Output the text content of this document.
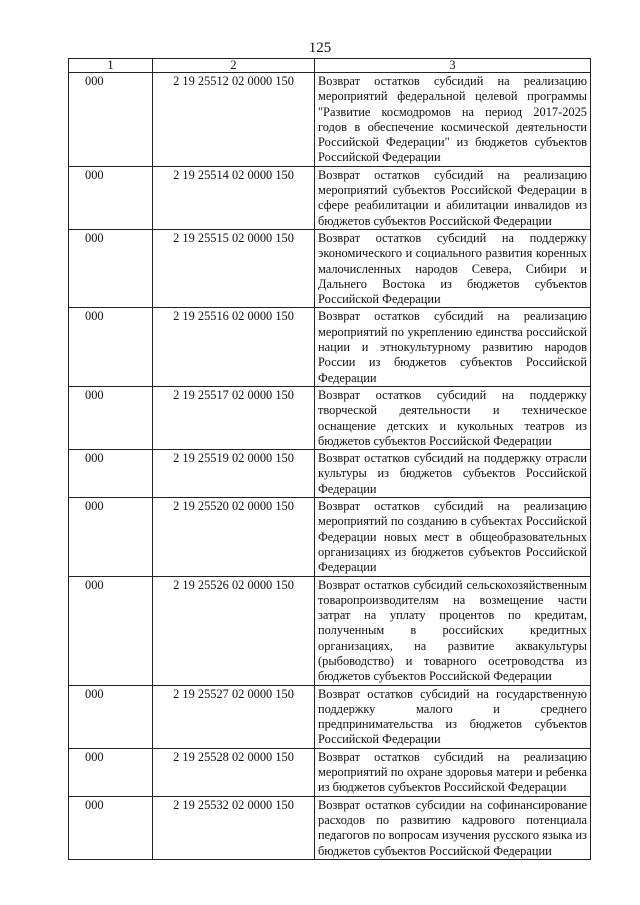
125
1	2	3
000	2 19 25512 02 0000 150	Возврат остатков субсидий на реализацию мероприятий федеральной целевой программы "Развитие космодромов на период 2017-2025 годов в обеспечение космической деятельности Российской Федерации" из бюджетов субъектов Российской Федерации
000	2 19 25514 02 0000 150	Возврат остатков субсидий на реализацию мероприятий субъектов Российской Федерации в сфере реабилитации и абилитации инвалидов из бюджетов субъектов Российской Федерации
000	2 19 25515 02 0000 150	Возврат остатков субсидий на поддержку экономического и социального развития коренных малочисленных народов Севера, Сибири и Дальнего Востока из бюджетов субъектов Российской Федерации
000	2 19 25516 02 0000 150	Возврат остатков субсидий на реализацию мероприятий по укреплению единства российской нации и этнокультурному развитию народов России из бюджетов субъектов Российской Федерации
000	2 19 25517 02 0000 150	Возврат остатков субсидий на поддержку творческой деятельности и техническое оснащение детских и кукольных театров из бюджетов субъектов Российской Федерации
000	2 19 25519 02 0000 150	Возврат остатков субсидий на поддержку отрасли культуры из бюджетов субъектов Российской Федерации
000	2 19 25520 02 0000 150	Возврат остатков субсидий на реализацию мероприятий по созданию в субъектах Российской Федерации новых мест в общеобразовательных организациях из бюджетов субъектов Российской Федерации
000	2 19 25526 02 0000 150	Возврат остатков субсидий сельскохозяйственным товаропроизводителям на возмещение части затрат на уплату процентов по кредитам, полученным в российских кредитных организациях, на развитие аквакультуры (рыбоводство) и товарного осетроводства из бюджетов субъектов Российской Федерации
000	2 19 25527 02 0000 150	Возврат остатков субсидий на государственную поддержку малого и среднего предпринимательства из бюджетов субъектов Российской Федерации
000	2 19 25528 02 0000 150	Возврат остатков субсидий на реализацию мероприятий по охране здоровья матери и ребенка из бюджетов субъектов Российской Федерации
000	2 19 25532 02 0000 150	Возврат остатков субсидии на софинансирование расходов по развитию кадрового потенциала педагогов по вопросам изучения русского языка из бюджетов субъектов Российской Федерации
